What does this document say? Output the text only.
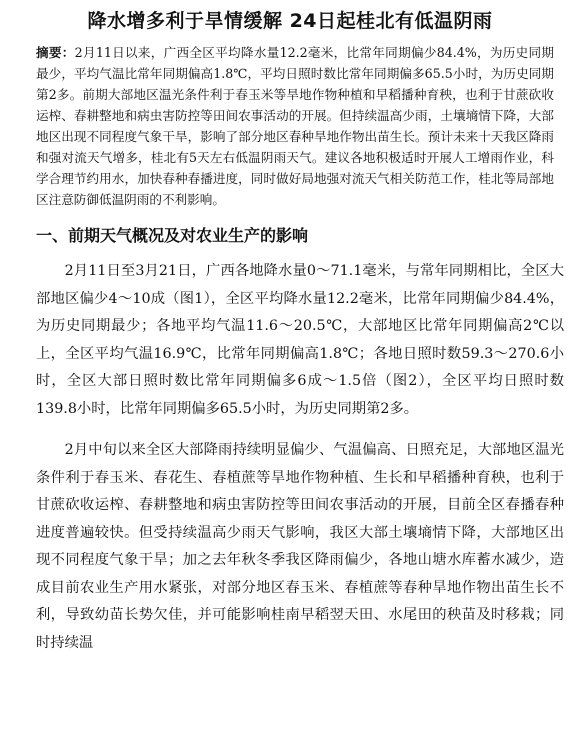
降水增多利于旱情缓解 24日起桂北有低温阴雨

摘要：2月11日以来，广西全区平均降水量12.2毫米，比常年同期偏少84.4%，为历史同期最少，平均气温比常年同期偏高1.8℃，平均日照时数比常年同期偏多65.5小时，为历史同期第2多。前期大部地区温光条件利于春玉米等旱地作物种植和早稻播种育秧，也利于甘蔗砍收运榨、春耕整地和病虫害防控等田间农事活动的开展。但持续温高少雨，土壤墒情下降，大部地区出现不同程度气象干旱，影响了部分地区春种旱地作物出苗生长。预计未来十天我区降雨和强对流天气增多，桂北有5天左右低温阴雨天气。建议各地积极适时开展人工增雨作业，科学合理节约用水，加快春种春播进度，同时做好局地强对流天气相关防范工作，桂北等局部地区注意防御低温阴雨的不利影响。

一、前期天气概况及对农业生产的影响

2月11日至3月21日，广西各地降水量0～71.1毫米，与常年同期相比，全区大部地区偏少4～10成（图1），全区平均降水量12.2毫米，比常年同期偏少84.4%，为历史同期最少；各地平均气温11.6～20.5℃，大部地区比常年同期偏高2℃以上，全区平均气温16.9℃，比常年同期偏高1.8℃；各地日照时数59.3～270.6小时，全区大部日照时数比常年同期偏多6成～1.5倍（图2），全区平均日照时数139.8小时，比常年同期偏多65.5小时，为历史同期第2多。

2月中旬以来全区大部降雨持续明显偏少、气温偏高、日照充足，大部地区温光条件利于春玉米、春花生、春植蔗等旱地作物种植、生长和早稻播种育秧，也利于甘蔗砍收运榨、春耕整地和病虫害防控等田间农事活动的开展，目前全区春播春种进度普遍较快。但受持续温高少雨天气影响，我区大部土壤墒情下降，大部地区出现不同程度气象干旱；加之去年秋冬季我区降雨偏少，各地山塘水库蓄水减少，造成目前农业生产用水紧张，对部分地区春玉米、春植蔗等春种旱地作物出苗生长不利，导致幼苗长势欠佳，并可能影响桂南早稻翌天田、水尾田的秧苗及时移栽；同时持续温
